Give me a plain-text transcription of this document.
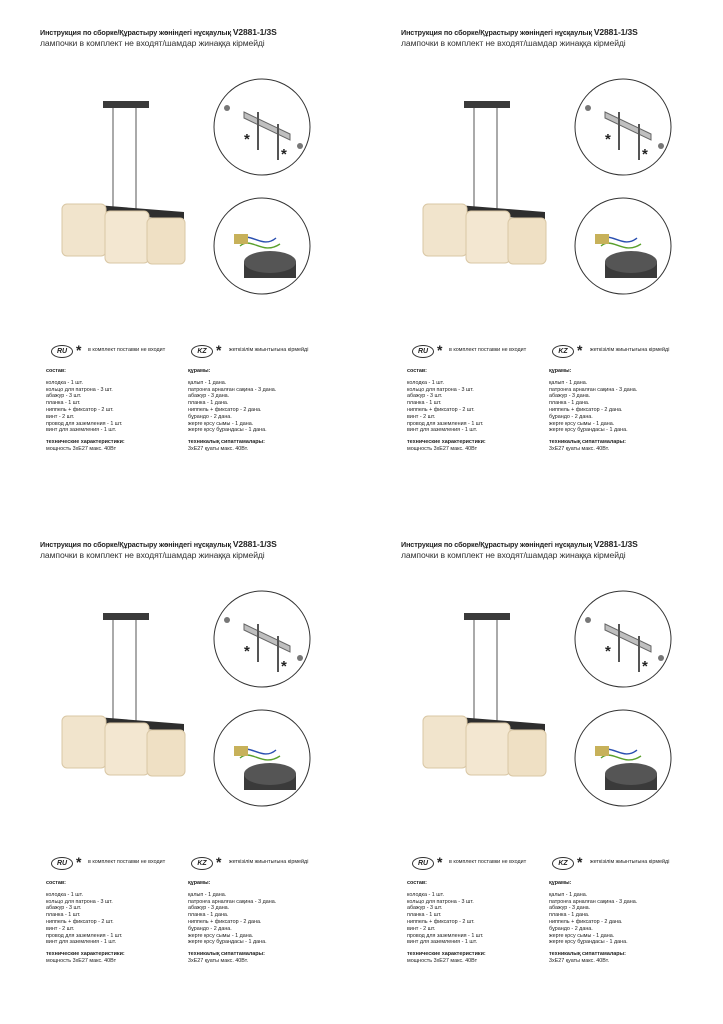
Инструкция по сборке/Құрастыру жөніндегі нұсқаулық V2881-1/3S
лампочки в комплект не входят/шамдар жинаққа кірмейді
*
*
RU * в комплект поставки не входит	KZ * жеткізілім жиынтығына кірмейді
состав:
колодка - 1 шт.
кольцо для патрона - 3 шт.
абажур - 3 шт.
планка - 1 шт.
ниппель + фиксатор - 2 шт.
винт - 2 шт.
провод для заземления - 1 шт.
винт для заземления - 1 шт.
технические характеристики:
мощность 3хЕ27 макс. 40Вт
құрамы:
қалып - 1 дана.
патронға арналған сақина - 3 дана.
абажур - 3 дана.
планка - 1 дана.
ниппель + фиксатор - 2 дана.
бұрандо - 2 дана.
жерге қосу сымы - 1 дана.
жерге қосу бұрандасы - 1 дана.
техникалық сипаттамалары:
3хЕ27 қуаты макс. 40Вт.
Инструкция по сборке/Құрастыру жөніндегі нұсқаулық V2881-1/3S
лампочки в комплект не входят/шамдар жинаққа кірмейді
*
*
RU * в комплект поставки не входит	KZ * жеткізілім жиынтығына кірмейді
состав:
колодка - 1 шт.
кольцо для патрона - 3 шт.
абажур - 3 шт.
планка - 1 шт.
ниппель + фиксатор - 2 шт.
винт - 2 шт.
провод для заземления - 1 шт.
винт для заземления - 1 шт.
технические характеристики:
мощность 3хЕ27 макс. 40Вт
құрамы:
қалып - 1 дана.
патронға арналған сақина - 3 дана.
абажур - 3 дана.
планка - 1 дана.
ниппель + фиксатор - 2 дана.
бұрандо - 2 дана.
жерге қосу сымы - 1 дана.
жерге қосу бұрандасы - 1 дана.
техникалық сипаттамалары:
3хЕ27 қуаты макс. 40Вт.
Инструкция по сборке/Құрастыру жөніндегі нұсқаулық V2881-1/3S
лампочки в комплект не входят/шамдар жинаққа кірмейді
*
*
RU * в комплект поставки не входит	KZ * жеткізілім жиынтығына кірмейді
состав:
колодка - 1 шт.
кольцо для патрона - 3 шт.
абажур - 3 шт.
планка - 1 шт.
ниппель + фиксатор - 2 шт.
винт - 2 шт.
провод для заземления - 1 шт.
винт для заземления - 1 шт.
технические характеристики:
мощность 3хЕ27 макс. 40Вт
құрамы:
қалып - 1 дана.
патронға арналған сақина - 3 дана.
абажур - 3 дана.
планка - 1 дана.
ниппель + фиксатор - 2 дана.
бұрандо - 2 дана.
жерге қосу сымы - 1 дана.
жерге қосу бұрандасы - 1 дана.
техникалық сипаттамалары:
3хЕ27 қуаты макс. 40Вт.
Инструкция по сборке/Құрастыру жөніндегі нұсқаулық V2881-1/3S
лампочки в комплект не входят/шамдар жинаққа кірмейді
*
*
RU * в комплект поставки не входит	KZ * жеткізілім жиынтығына кірмейді
состав:
колодка - 1 шт.
кольцо для патрона - 3 шт.
абажур - 3 шт.
планка - 1 шт.
ниппель + фиксатор - 2 шт.
винт - 2 шт.
провод для заземления - 1 шт.
винт для заземления - 1 шт.
технические характеристики:
мощность 3хЕ27 макс. 40Вт
құрамы:
қалып - 1 дана.
патронға арналған сақина - 3 дана.
абажур - 3 дана.
планка - 1 дана.
ниппель + фиксатор - 2 дана.
бұрандо - 2 дана.
жерге қосу сымы - 1 дана.
жерге қосу бұрандасы - 1 дана.
техникалық сипаттамалары:
3хЕ27 қуаты макс. 40Вт.
